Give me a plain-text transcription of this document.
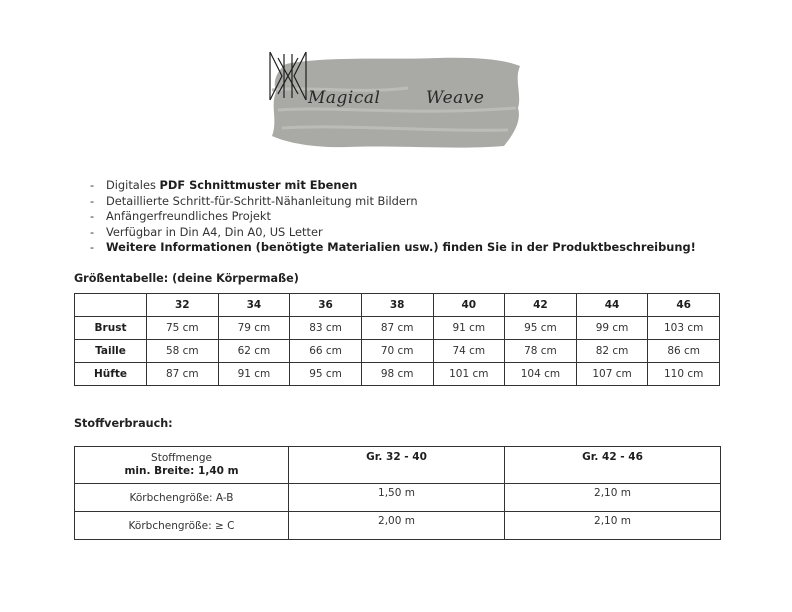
Magical	Weave
- Digitales PDF Schnittmuster mit Ebenen
- Detaillierte Schritt-für-Schritt-Nähanleitung mit Bildern
- Anfängerfreundliches Projekt
- Verfügbar in Din A4, Din A0, US Letter
- Weitere Informationen (benötigte Materialien usw.) finden Sie in der Produktbeschreibung!
Größentabelle: (deine Körpermaße)
	32	34	36	38	40	42	44	46
Brust	75 cm	79 cm	83 cm	87 cm	91 cm	95 cm	99 cm	103 cm
Taille	58 cm	62 cm	66 cm	70 cm	74 cm	78 cm	82 cm	86 cm
Hüfte	87 cm	91 cm	95 cm	98 cm	101 cm	104 cm	107 cm	110 cm
Stoffverbrauch:
Stoffmenge
min. Breite: 1,40 m	Gr. 32 - 40	Gr. 42 - 46
Körbchengröße: A-B	1,50 m	2,10 m
Körbchengröße: ≥ C	2,00 m	2,10 m
